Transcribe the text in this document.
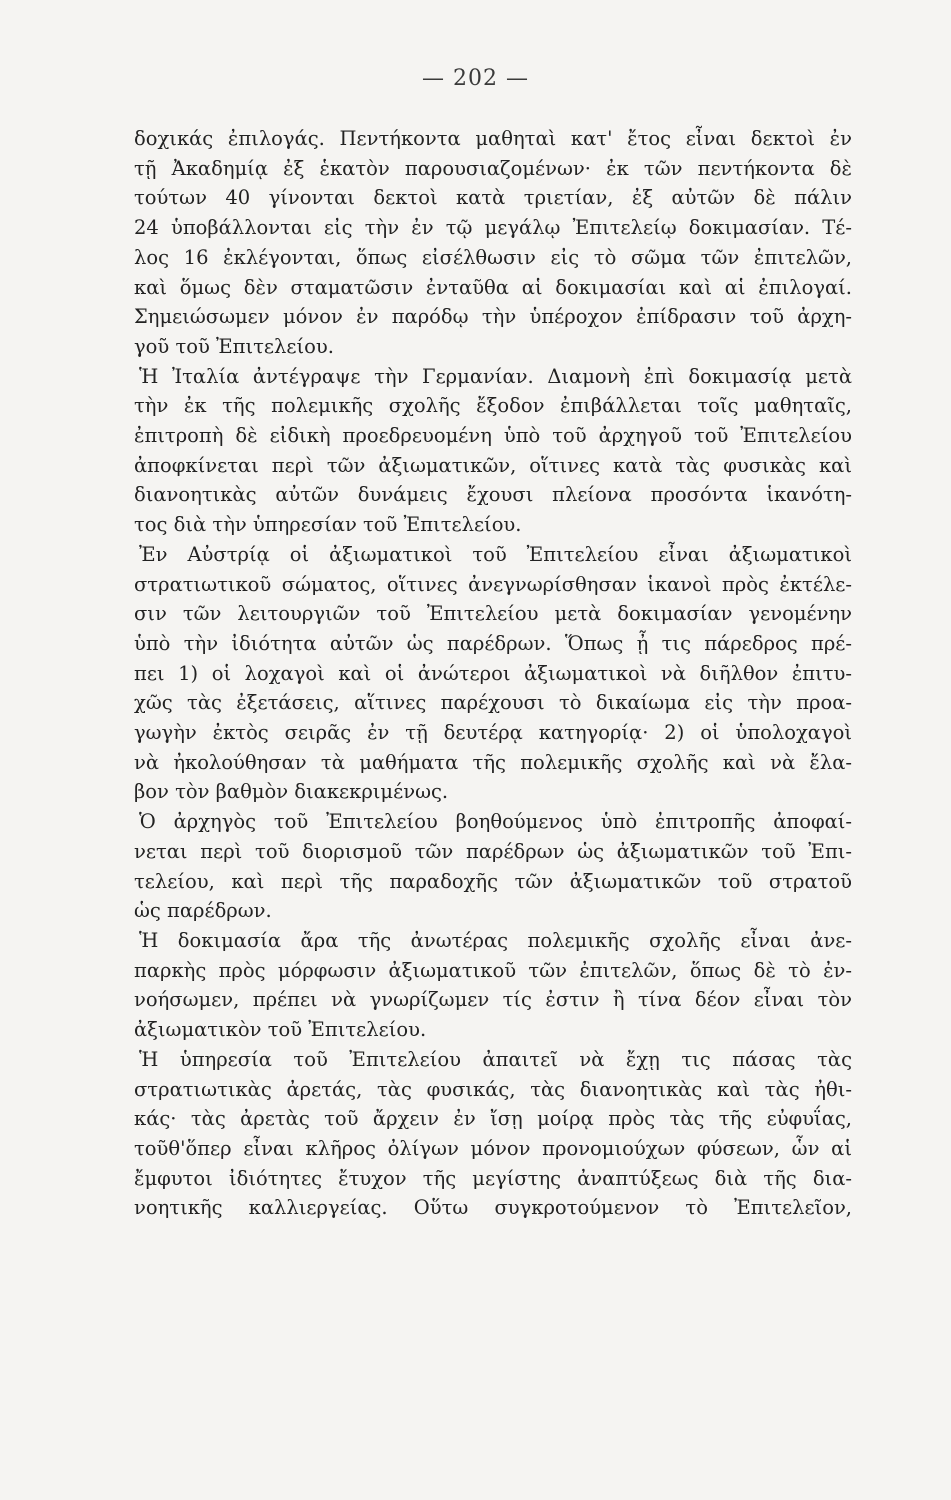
— 202 —
δοχικάς ἐπιλογάς. Πεντήκοντα μαθηταὶ κατ' ἔτος εἶναι δεκτοὶ ἐν
τῇ Ἀκαδημίᾳ ἐξ ἑκατὸν παρουσιαζομένων· ἐκ τῶν πεντήκοντα δὲ
τούτων 40 γίνονται δεκτοὶ κατὰ τριετίαν, ἐξ αὐτῶν δὲ πάλιν
24 ὑποβάλλονται εἰς τὴν ἐν τῷ μεγάλῳ Ἐπιτελείῳ δοκιμασίαν. Τέ-
λος 16 ἐκλέγονται, ὅπως εἰσέλθωσιν εἰς τὸ σῶμα τῶν ἐπιτελῶν,
καὶ ὅμως δὲν σταματῶσιν ἐνταῦθα αἱ δοκιμασίαι καὶ αἱ ἐπιλογαί.
Σημειώσωμεν μόνον ἐν παρόδῳ τὴν ὑπέροχον ἐπίδρασιν τοῦ ἀρχη-
γοῦ τοῦ Ἐπιτελείου.
Ἡ Ἰταλία ἀντέγραψε τὴν Γερμανίαν. Διαμονὴ ἐπὶ δοκιμασίᾳ μετὰ
τὴν ἐκ τῆς πολεμικῆς σχολῆς ἔξοδον ἐπιβάλλεται τοῖς μαθηταῖς,
ἐπιτροπὴ δὲ εἰδικὴ προεδρευομένη ὑπὸ τοῦ ἀρχηγοῦ τοῦ Ἐπιτελείου
ἀποφκίνεται περὶ τῶν ἀξιωματικῶν, οἵτινες κατὰ τὰς φυσικὰς καὶ
διανοητικὰς αὐτῶν δυνάμεις ἔχουσι πλείονα προσόντα ἱκανότη-
τος διὰ τὴν ὑπηρεσίαν τοῦ Ἐπιτελείου.
Ἐν Αὐστρίᾳ οἱ ἀξιωματικοὶ τοῦ Ἐπιτελείου εἶναι ἀξιωματικοὶ
στρατιωτικοῦ σώματος, οἵτινες ἀνεγνωρίσθησαν ἱκανοὶ πρὸς ἐκτέλε-
σιν τῶν λειτουργιῶν τοῦ Ἐπιτελείου μετὰ δοκιμασίαν γενομένην
ὑπὸ τὴν ἰδιότητα αὐτῶν ὡς παρέδρων. Ὅπως ᾖ τις πάρεδρος πρέ-
πει 1) οἱ λοχαγοὶ καὶ οἱ ἀνώτεροι ἀξιωματικοὶ νὰ διῆλθον ἐπιτυ-
χῶς τὰς ἐξετάσεις, αἵτινες παρέχουσι τὸ δικαίωμα εἰς τὴν προα-
γωγὴν ἐκτὸς σειρᾶς ἐν τῇ δευτέρᾳ κατηγορίᾳ· 2) οἱ ὑπολοχαγοὶ
νὰ ἠκολούθησαν τὰ μαθήματα τῆς πολεμικῆς σχολῆς καὶ νὰ ἔλα-
βον τὸν βαθμὸν διακεκριμένως.
Ὁ ἀρχηγὸς τοῦ Ἐπιτελείου βοηθούμενος ὑπὸ ἐπιτροπῆς ἀποφαί-
νεται περὶ τοῦ διορισμοῦ τῶν παρέδρων ὡς ἀξιωματικῶν τοῦ Ἐπι-
τελείου, καὶ περὶ τῆς παραδοχῆς τῶν ἀξιωματικῶν τοῦ στρατοῦ
ὡς παρέδρων.
Ἡ δοκιμασία ἄρα τῆς ἀνωτέρας πολεμικῆς σχολῆς εἶναι ἀνε-
παρκὴς πρὸς μόρφωσιν ἀξιωματικοῦ τῶν ἐπιτελῶν, ὅπως δὲ τὸ ἐν-
νοήσωμεν, πρέπει νὰ γνωρίζωμεν τίς ἐστιν ἢ τίνα δέον εἶναι τὸν
ἀξιωματικὸν τοῦ Ἐπιτελείου.
Ἡ ὑπηρεσία τοῦ Ἐπιτελείου ἀπαιτεῖ νὰ ἔχῃ τις πάσας τὰς
στρατιωτικὰς ἀρετάς, τὰς φυσικάς, τὰς διανοητικὰς καὶ τὰς ἠθι-
κάς· τὰς ἀρετὰς τοῦ ἄρχειν ἐν ἴσῃ μοίρᾳ πρὸς τὰς τῆς εὐφυΐας,
τοῦθ'ὅπερ εἶναι κλῆρος ὀλίγων μόνον προνομιούχων φύσεων, ὧν αἱ
ἔμφυτοι ἰδιότητες ἔτυχον τῆς μεγίστης ἀναπτύξεως διὰ τῆς δια-
νοητικῆς καλλιεργείας. Οὕτω συγκροτούμενον τὸ Ἐπιτελεῖον,
